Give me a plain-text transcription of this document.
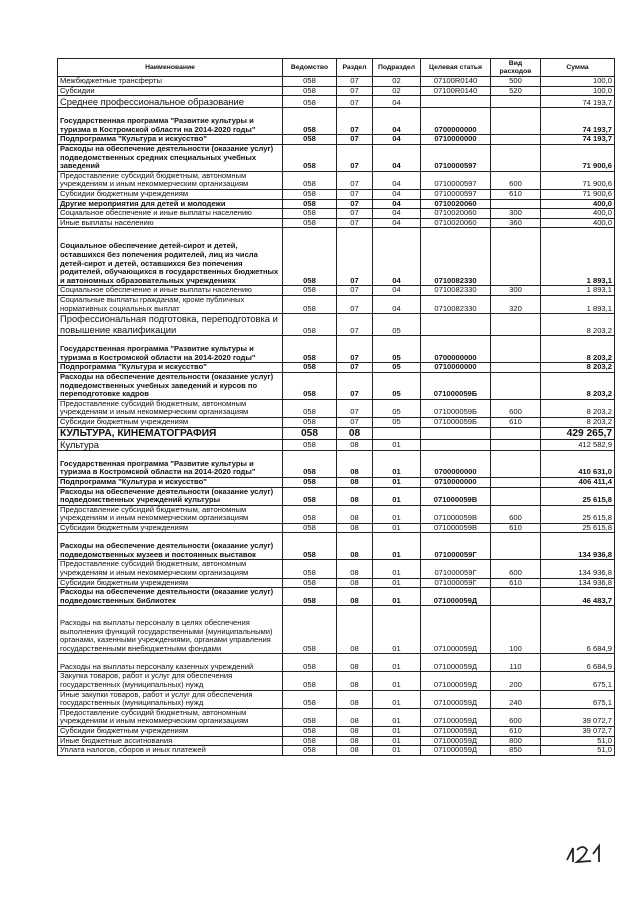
Наименование	Ведомство	Раздел	Подраздел	Целевая статья	Вид расходов	Сумма
Межбюджетные трансферты	058	07	02	07100R0140	500	100,0
Субсидии	058	07	02	07100R0140	520	100,0
Среднее профессиональное образование	058	07	04			74 193,7
Государственная программа "Развитие культуры и туризма в Костромской области на 2014-2020 годы"	058	07	04	0700000000		74 193,7
Подпрограмма "Культура и искусство"	058	07	04	0710000000		74 193,7
Расходы на обеспечение деятельности (оказание услуг) подведомственных средних специальных учебных заведений	058	07	04	0710000597		71 900,6
Предоставление субсидий бюджетным, автономным учреждениям и иным некоммерческим организациям	058	07	04	0710000597	600	71 900,6
Субсидии бюджетным учреждениям	058	07	04	0710000597	610	71 900,6
Другие мероприятия для детей и молодежи	058	07	04	0710020060		400,0
Социальное обеспечение и иные выплаты населению	058	07	04	0710020060	300	400,0
Иные выплаты населению	058	07	04	0710020060	360	400,0
Социальное обеспечение детей-сирот и детей, оставшихся без попечения родителей, лиц из числа детей-сирот и детей, оставшихся без попечения родителей, обучающихся в государственных бюджетных и автономных образовательных учреждениях	058	07	04	0710082330		1 893,1
Социальное обеспечение и иные выплаты населению	058	07	04	0710082330	300	1 893,1
Социальные выплаты гражданам, кроме публичных нормативных социальных выплат	058	07	04	0710082330	320	1 893,1
Профессиональная подготовка, переподготовка и повышение квалификации	058	07	05			8 203,2
Государственная программа "Развитие культуры и туризма в Костромской области на 2014-2020 годы"	058	07	05	0700000000		8 203,2
Подпрограмма "Культура и искусство"	058	07	05	0710000000		8 203,2
Расходы на обеспечение деятельности (оказание услуг) подведомственных учебных заведений и курсов по переподготовке кадров	058	07	05	071000059Б		8 203,2
Предоставление субсидий бюджетным, автономным учреждениям и иным некоммерческим организациям	058	07	05	071000059Б	600	8 203,2
Субсидии бюджетным учреждениям	058	07	05	071000059Б	610	8 203,2
КУЛЬТУРА, КИНЕМАТОГРАФИЯ	058	08				429 265,7
Культура	058	08	01			412 582,9
Государственная программа "Развитие культуры и туризма в Костромской области на 2014-2020 годы"	058	08	01	0700000000		410 631,0
Подпрограмма "Культура и искусство"	058	08	01	0710000000		406 411,4
Расходы на обеспечение деятельности (оказание услуг) подведомственных учреждений культуры	058	08	01	071000059В		25 615,8
Предоставление субсидий бюджетным, автономным учреждениям и иным некоммерческим организациям	058	08	01	071000059В	600	25 615,8
Субсидии бюджетным учреждениям	058	08	01	071000059В	610	25 615,8
Расходы на обеспечение деятельности (оказание услуг) подведомственных музеев и постоянных выставок	058	08	01	071000059Г		134 936,8
Предоставление субсидий бюджетным, автономным учреждениям и иным некоммерческим организациям	058	08	01	071000059Г	600	134 936,8
Субсидии бюджетным учреждениям	058	08	01	071000059Г	610	134 936,8
Расходы на обеспечение деятельности (оказание услуг) подведомственных библиотек	058	08	01	071000059Д		46 483,7
Расходы на выплаты персоналу в целях обеспечения выполнения функций государственными (муниципальными) органами, казенными учреждениями, органами управления государственными внебюджетными фондами	058	08	01	071000059Д	100	6 684,9
Расходы на выплаты персоналу казенных учреждений	058	08	01	071000059Д	110	6 684,9
Закупка товаров, работ и услуг для обеспечения государственных (муниципальных) нужд	058	08	01	071000059Д	200	675,1
Иные закупки товаров, работ и услуг для обеспечения государственных (муниципальных) нужд	058	08	01	071000059Д	240	675,1
Предоставление субсидий бюджетным, автономным учреждениям и иным некоммерческим организациям	058	08	01	071000059Д	600	39 072,7
Субсидии бюджетным учреждениям	058	08	01	071000059Д	610	39 072,7
Иные бюджетные ассигнования	058	08	01	071000059Д	800	51,0
Уплата налогов, сборов и иных платежей	058	08	01	071000059Д	850	51,0
